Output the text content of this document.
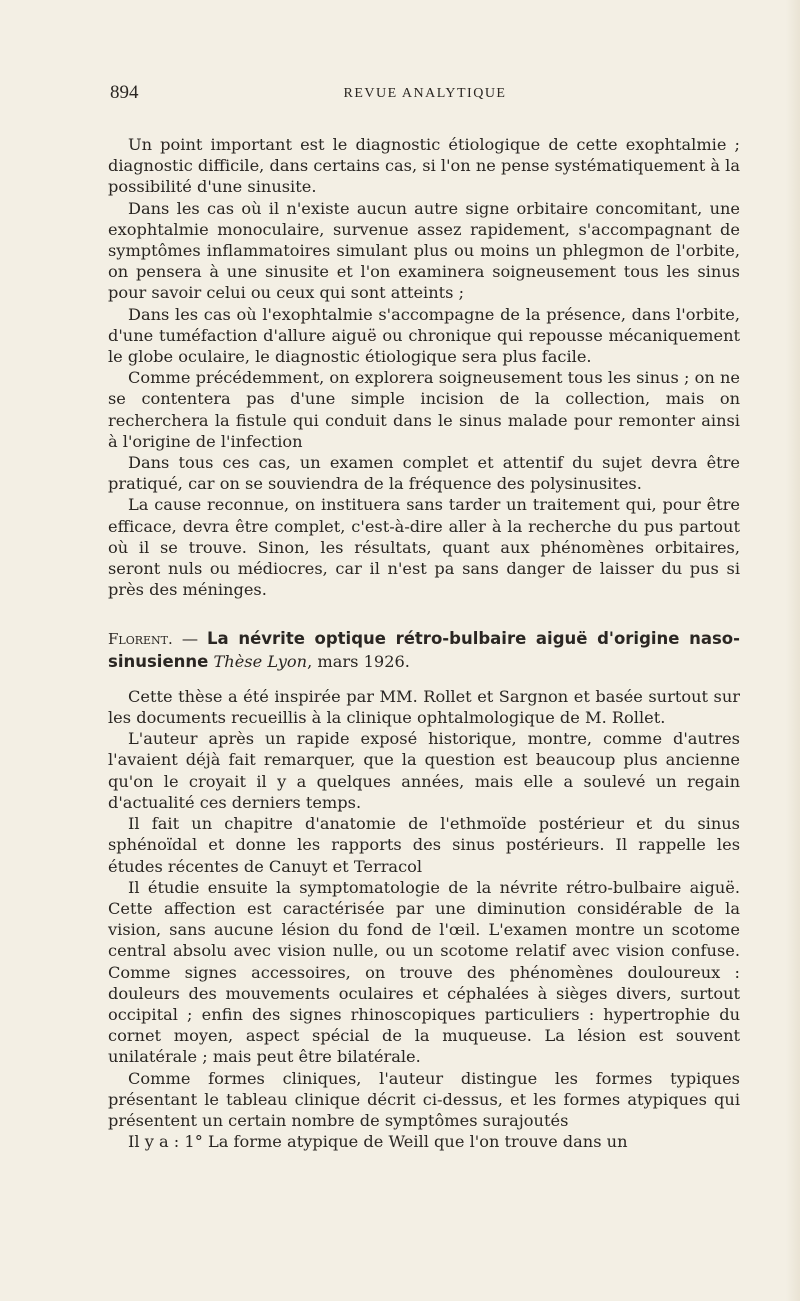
894	REVUE ANALYTIQUE

Un point important est le diagnostic étiologique de cette exophtalmie ; diagnostic difficile, dans certains cas, si l'on ne pense systématiquement à la possibilité d'une sinusite.

Dans les cas où il n'existe aucun autre signe orbitaire concomitant, une exophtalmie monoculaire, survenue assez rapidement, s'accompagnant de symptômes inflammatoires simulant plus ou moins un phlegmon de l'orbite, on pensera à une sinusite et l'on examinera soigneusement tous les sinus pour savoir celui ou ceux qui sont atteints ;

Dans les cas où l'exophtalmie s'accompagne de la présence, dans l'orbite, d'une tuméfaction d'allure aiguë ou chronique qui repousse mécaniquement le globe oculaire, le diagnostic étiologique sera plus facile.

Comme précédemment, on explorera soigneusement tous les sinus ; on ne se contentera pas d'une simple incision de la collection, mais on recherchera la fistule qui conduit dans le sinus malade pour remonter ainsi à l'origine de l'infection

Dans tous ces cas, un examen complet et attentif du sujet devra être pratiqué, car on se souviendra de la fréquence des polysinusites.

La cause reconnue, on instituera sans tarder un traitement qui, pour être efficace, devra être complet, c'est-à-dire aller à la recherche du pus partout où il se trouve. Sinon, les résultats, quant aux phénomènes orbitaires, seront nuls ou médiocres, car il n'est pa sans danger de laisser du pus si près des méninges.

Florent. — La névrite optique rétro-bulbaire aiguë d'origine naso-sinusienne Thèse Lyon, mars 1926.

Cette thèse a été inspirée par MM. Rollet et Sargnon et basée surtout sur les documents recueillis à la clinique ophtalmologique de M. Rollet.

L'auteur après un rapide exposé historique, montre, comme d'autres l'avaient déjà fait remarquer, que la question est beaucoup plus ancienne qu'on le croyait il y a quelques années, mais elle a soulevé un regain d'actualité ces derniers temps.

Il fait un chapitre d'anatomie de l'ethmoïde postérieur et du sinus sphénoïdal et donne les rapports des sinus postérieurs. Il rappelle les études récentes de Canuyt et Terracol

Il étudie ensuite la symptomatologie de la névrite rétro-bulbaire aiguë. Cette affection est caractérisée par une diminution considérable de la vision, sans aucune lésion du fond de l'œil. L'examen montre un scotome central absolu avec vision nulle, ou un scotome relatif avec vision confuse. Comme signes accessoires, on trouve des phénomènes douloureux : douleurs des mouvements oculaires et céphalées à sièges divers, surtout occipital ; enfin des signes rhinoscopiques particuliers : hypertrophie du cornet moyen, aspect spécial de la muqueuse. La lésion est souvent unilatérale ; mais peut être bilatérale.

Comme formes cliniques, l'auteur distingue les formes typiques présentant le tableau clinique décrit ci-dessus, et les formes atypiques qui présentent un certain nombre de symptômes surajoutés

Il y a : 1° La forme atypique de Weill que l'on trouve dans un
